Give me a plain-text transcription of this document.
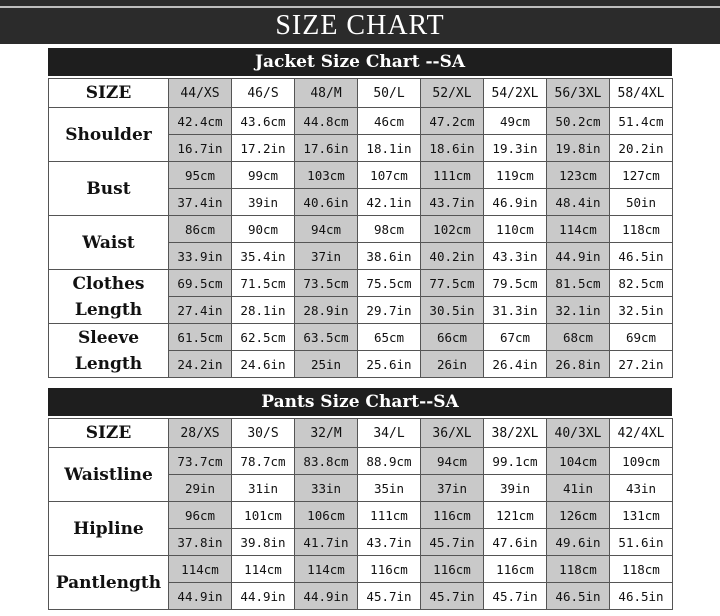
SIZE CHART
Jacket Size Chart --SA
SIZE	44/XS	46/S	48/M	50/L	52/XL	54/2XL	56/3XL	58/4XL

Shoulder	42.4cm	43.6cm	44.8cm	46cm	47.2cm	49cm	50.2cm	51.4cm
	16.7in	17.2in	17.6in	18.1in	18.6in	19.3in	19.8in	20.2in

Bust	95cm	99cm	103cm	107cm	111cm	119cm	123cm	127cm
	37.4in	39in	40.6in	42.1in	43.7in	46.9in	48.4in	50in

Waist	86cm	90cm	94cm	98cm	102cm	110cm	114cm	118cm
	33.9in	35.4in	37in	38.6in	40.2in	43.3in	44.9in	46.5in

Clothes
Length	69.5cm	71.5cm	73.5cm	75.5cm	77.5cm	79.5cm	81.5cm	82.5cm
	27.4in	28.1in	28.9in	29.7in	30.5in	31.3in	32.1in	32.5in

Sleeve
Length	61.5cm	62.5cm	63.5cm	65cm	66cm	67cm	68cm	69cm
	24.2in	24.6in	25in	25.6in	26in	26.4in	26.8in	27.2in
Pants Size Chart--SA
SIZE	28/XS	30/S	32/M	34/L	36/XL	38/2XL	40/3XL	42/4XL

Waistline	73.7cm	78.7cm	83.8cm	88.9cm	94cm	99.1cm	104cm	109cm
	29in	31in	33in	35in	37in	39in	41in	43in

Hipline	96cm	101cm	106cm	111cm	116cm	121cm	126cm	131cm
	37.8in	39.8in	41.7in	43.7in	45.7in	47.6in	49.6in	51.6in

Pantlength	114cm	114cm	114cm	116cm	116cm	116cm	118cm	118cm
	44.9in	44.9in	44.9in	45.7in	45.7in	45.7in	46.5in	46.5in
